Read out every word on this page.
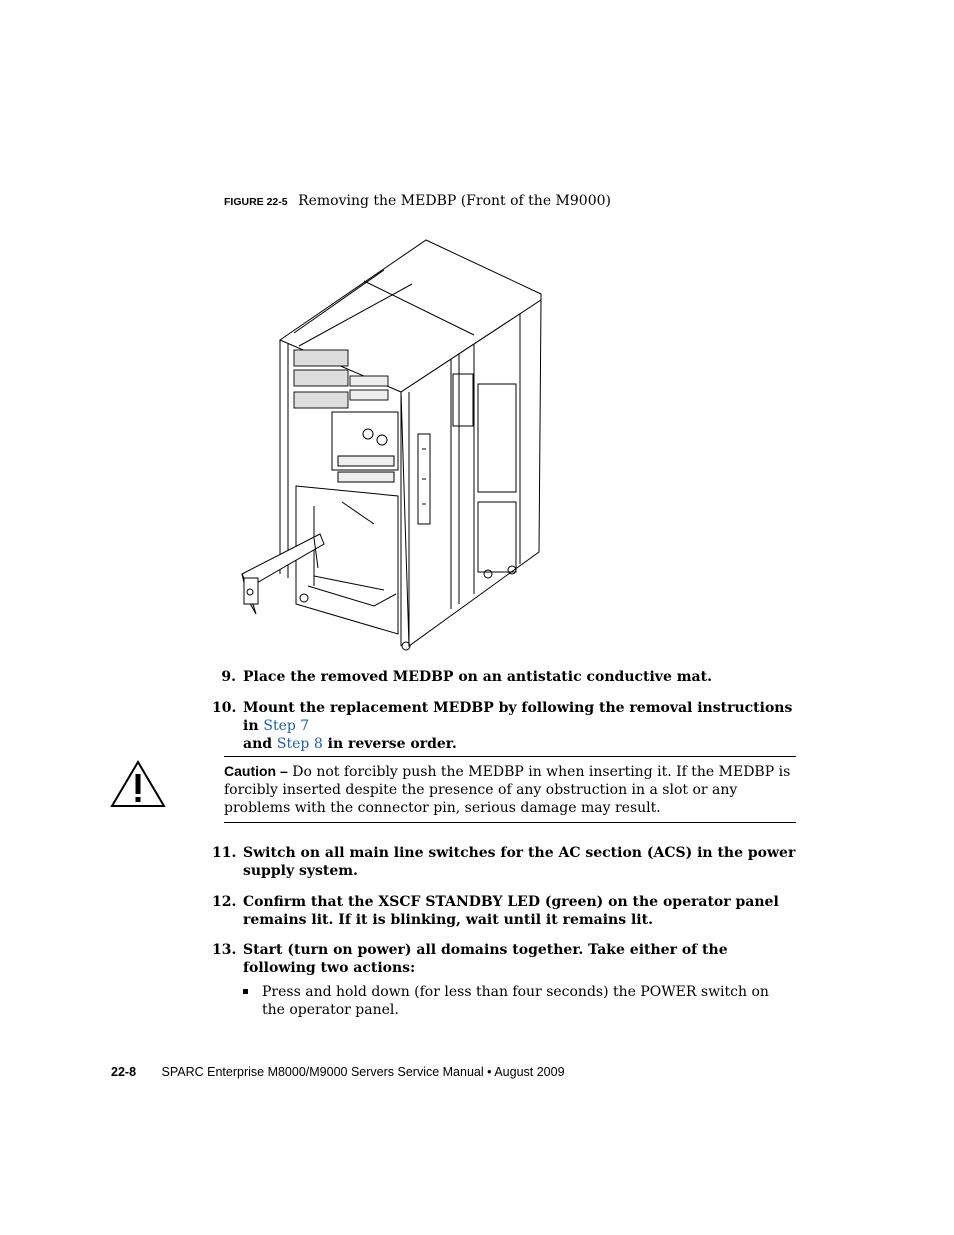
FIGURE 22-5 Removing the MEDBP (Front of the M9000)
9. Place the removed MEDBP on an antistatic conductive mat.
10. Mount the replacement MEDBP by following the removal instructions in Step 7
and Step 8 in reverse order.
Caution – Do not forcibly push the MEDBP in when inserting it. If the MEDBP is forcibly inserted despite the presence of any obstruction in a slot or any problems with the connector pin, serious damage may result.
11. Switch on all main line switches for the AC section (ACS) in the power supply system.
12. Confirm that the XSCF STANDBY LED (green) on the operator panel remains lit. If it is blinking, wait until it remains lit.
13. Start (turn on power) all domains together. Take either of the following two actions:
Press and hold down (for less than four seconds) the POWER switch on the operator panel.
22-8 SPARC Enterprise M8000/M9000 Servers Service Manual • August 2009
